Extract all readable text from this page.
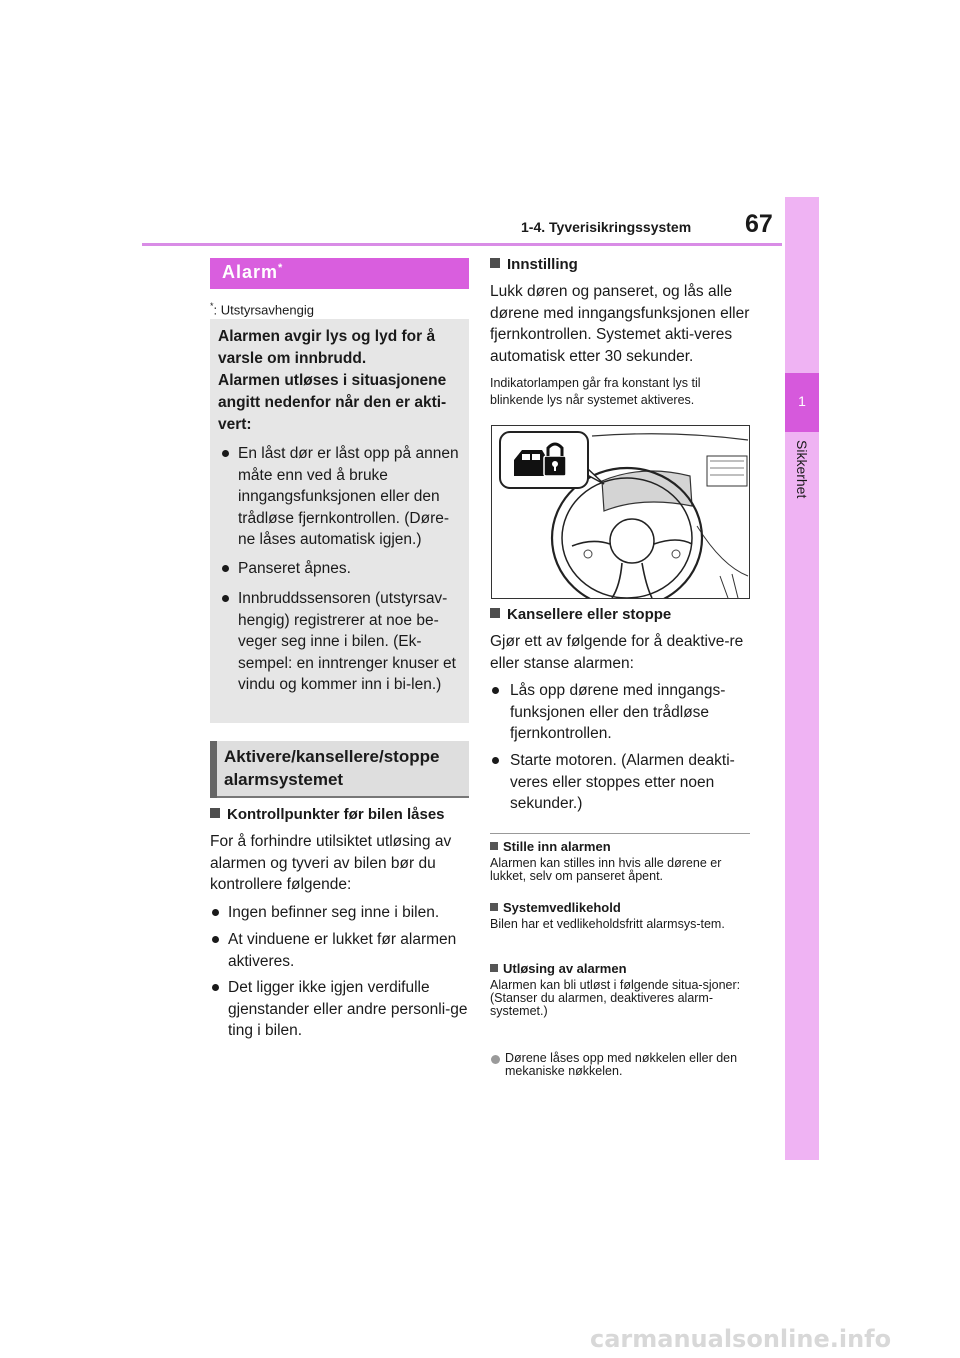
1-4. Tyverisikringssystem 67
1
Sikkerhet
Alarm*
*: Utstyrsavhengig
Alarmen avgir lys og lyd for å varsle om innbrudd.
Alarmen utløses i situasjonene angitt nedenfor når den er akti-vert:
En låst dør er låst opp på annen måte enn ved å bruke inngangsfunksjonen eller den trådløse fjernkontrollen. (Døre-ne låses automatisk igjen.)
Panseret åpnes.
Innbruddssensoren (utstyrsav-hengig) registrerer at noe be-veger seg inne i bilen. (Ek-sempel: en inntrenger knuser et vindu og kommer inn i bi-len.)
Aktivere/kansellere/stoppe alarmsystemet
Kontrollpunkter før bilen låses
For å forhindre utilsiktet utløsing av alarmen og tyveri av bilen bør du kontrollere følgende:
Ingen befinner seg inne i bilen.
At vinduene er lukket før alarmen aktiveres.
Det ligger ikke igjen verdifulle gjenstander eller andre personli-ge ting i bilen.
Innstilling
Lukk døren og panseret, og lås alle dørene med inngangsfunksjonen eller fjernkontrollen. Systemet akti-veres automatisk etter 30 sekunder.
Indikatorlampen går fra konstant lys til blinkende lys når systemet aktiveres.
Kansellere eller stoppe
Gjør ett av følgende for å deaktive-re eller stanse alarmen:
Lås opp dørene med inngangs-funksjonen eller den trådløse fjernkontrollen.
Starte motoren. (Alarmen deakti-veres eller stoppes etter noen sekunder.)
Stille inn alarmen
Alarmen kan stilles inn hvis alle dørene er lukket, selv om panseret åpent.
Systemvedlikehold
Bilen har et vedlikeholdsfritt alarmsys-tem.
Utløsing av alarmen
Alarmen kan bli utløst i følgende situa-sjoner:
(Stanser du alarmen, deaktiveres alarm-systemet.)
Dørene låses opp med nøkkelen eller den mekaniske nøkkelen.
carmanualsonline.info
